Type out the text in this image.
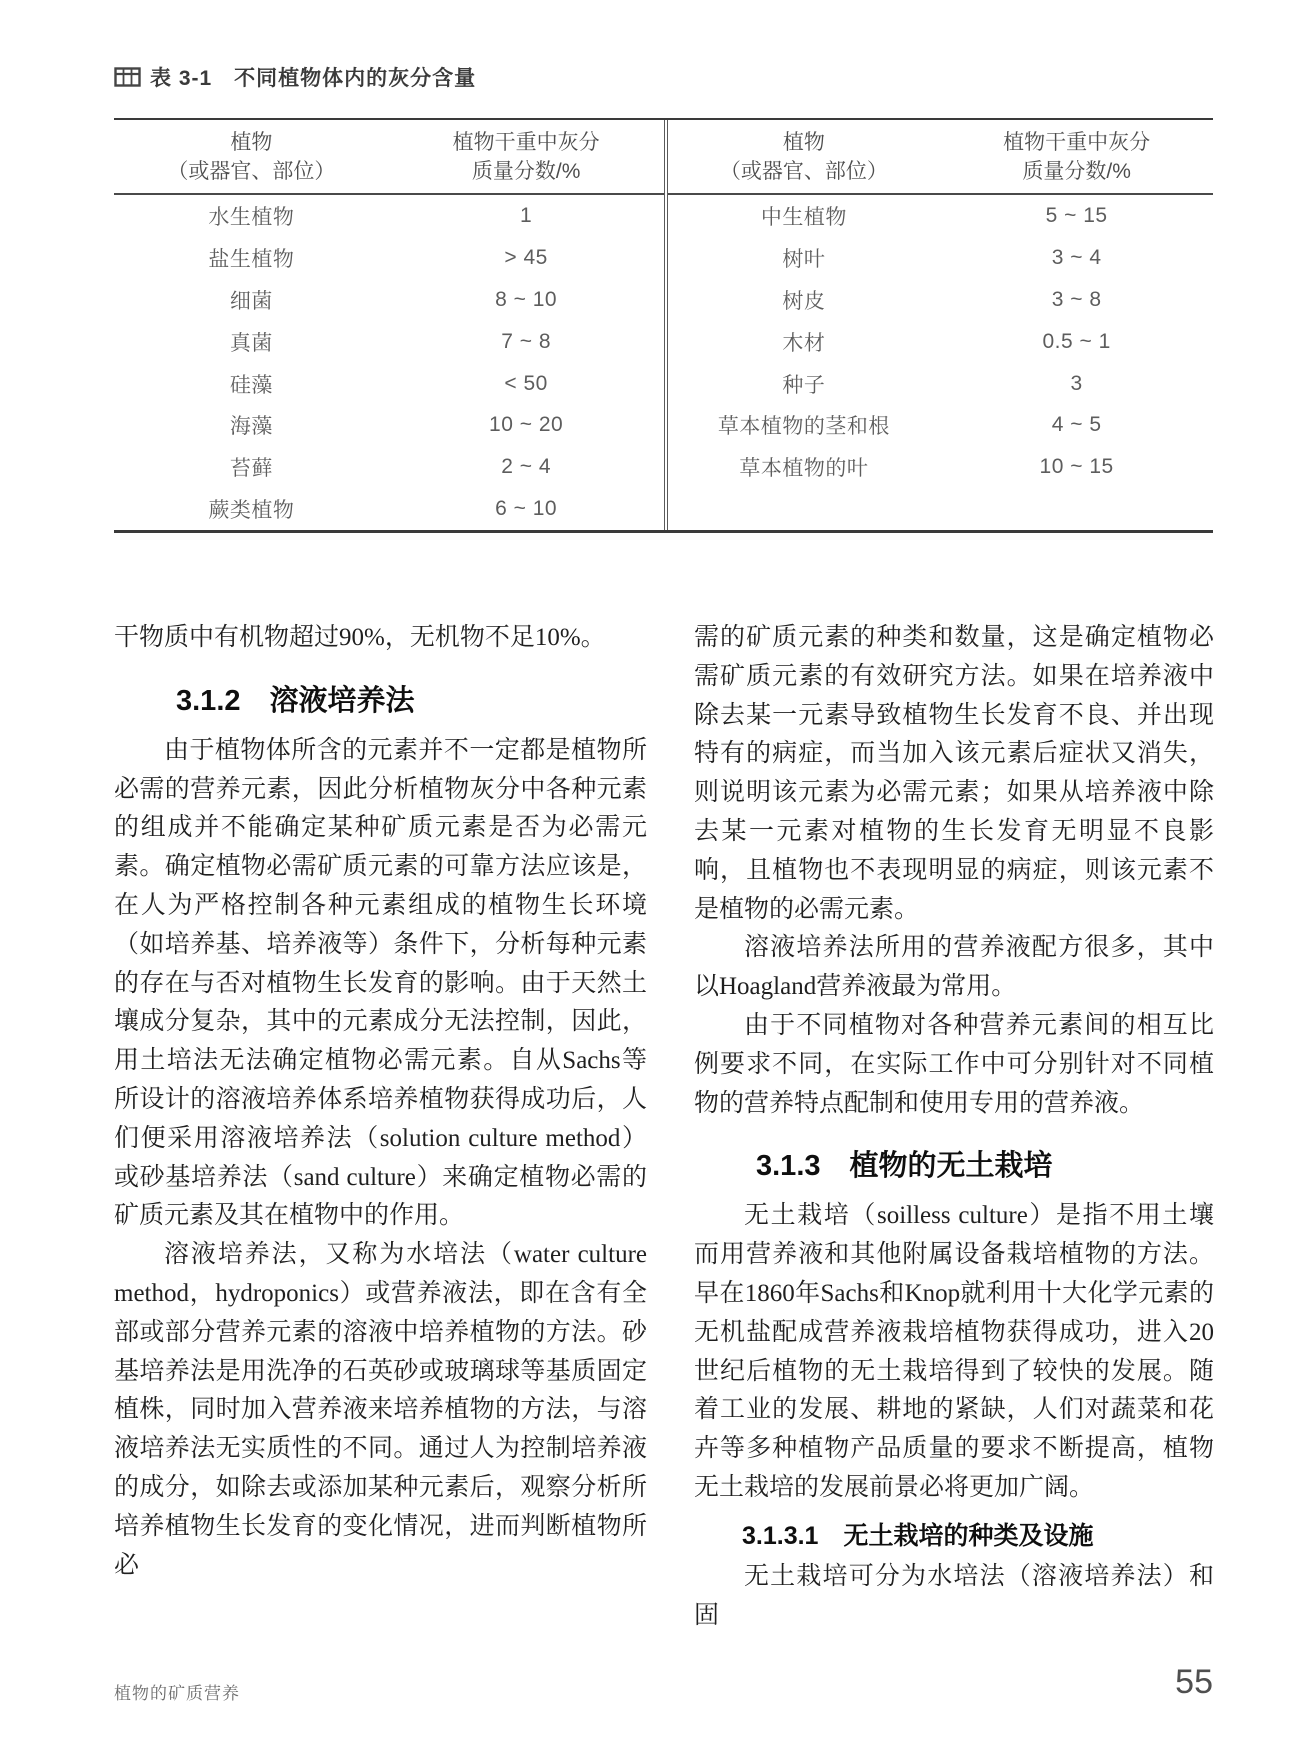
表 3-1　不同植物体内的灰分含量
植物
（或器官、部位）
植物干重中灰分
质量分数/%
水生植物	1
盐生植物	> 45
细菌	8 ~ 10
真菌	7 ~ 8
硅藻	< 50
海藻	10 ~ 20
苔藓	2 ~ 4
蕨类植物	6 ~ 10
植物
（或器官、部位）
植物干重中灰分
质量分数/%
中生植物	5 ~ 15
树叶	3 ~ 4
树皮	3 ~ 8
木材	0.5 ~ 1
种子	3
草本植物的茎和根	4 ~ 5
草本植物的叶	10 ~ 15

干物质中有机物超过90%，无机物不足10%。

3.1.2　溶液培养法

由于植物体所含的元素并不一定都是植物所必需的营养元素，因此分析植物灰分中各种元素的组成并不能确定某种矿质元素是否为必需元素。确定植物必需矿质元素的可靠方法应该是，在人为严格控制各种元素组成的植物生长环境（如培养基、培养液等）条件下，分析每种元素的存在与否对植物生长发育的影响。由于天然土壤成分复杂，其中的元素成分无法控制，因此，用土培法无法确定植物必需元素。自从Sachs等所设计的溶液培养体系培养植物获得成功后，人们便采用溶液培养法（solution culture method）或砂基培养法（sand culture）来确定植物必需的矿质元素及其在植物中的作用。

溶液培养法，又称为水培法（water culture method，hydroponics）或营养液法，即在含有全部或部分营养元素的溶液中培养植物的方法。砂基培养法是用洗净的石英砂或玻璃球等基质固定植株，同时加入营养液来培养植物的方法，与溶液培养法无实质性的不同。通过人为控制培养液的成分，如除去或添加某种元素后，观察分析所培养植物生长发育的变化情况，进而判断植物所必

需的矿质元素的种类和数量，这是确定植物必需矿质元素的有效研究方法。如果在培养液中除去某一元素导致植物生长发育不良、并出现特有的病症，而当加入该元素后症状又消失，则说明该元素为必需元素；如果从培养液中除去某一元素对植物的生长发育无明显不良影响，且植物也不表现明显的病症，则该元素不是植物的必需元素。

溶液培养法所用的营养液配方很多，其中以Hoagland营养液最为常用。

由于不同植物对各种营养元素间的相互比例要求不同，在实际工作中可分别针对不同植物的营养特点配制和使用专用的营养液。

3.1.3　植物的无土栽培

无土栽培（soilless culture）是指不用土壤而用营养液和其他附属设备栽培植物的方法。早在1860年Sachs和Knop就利用十大化学元素的无机盐配成营养液栽培植物获得成功，进入20世纪后植物的无土栽培得到了较快的发展。随着工业的发展、耕地的紧缺，人们对蔬菜和花卉等多种植物产品质量的要求不断提高，植物无土栽培的发展前景必将更加广阔。

3.1.3.1　无土栽培的种类及设施

无土栽培可分为水培法（溶液培养法）和固

植物的矿质营养	55
